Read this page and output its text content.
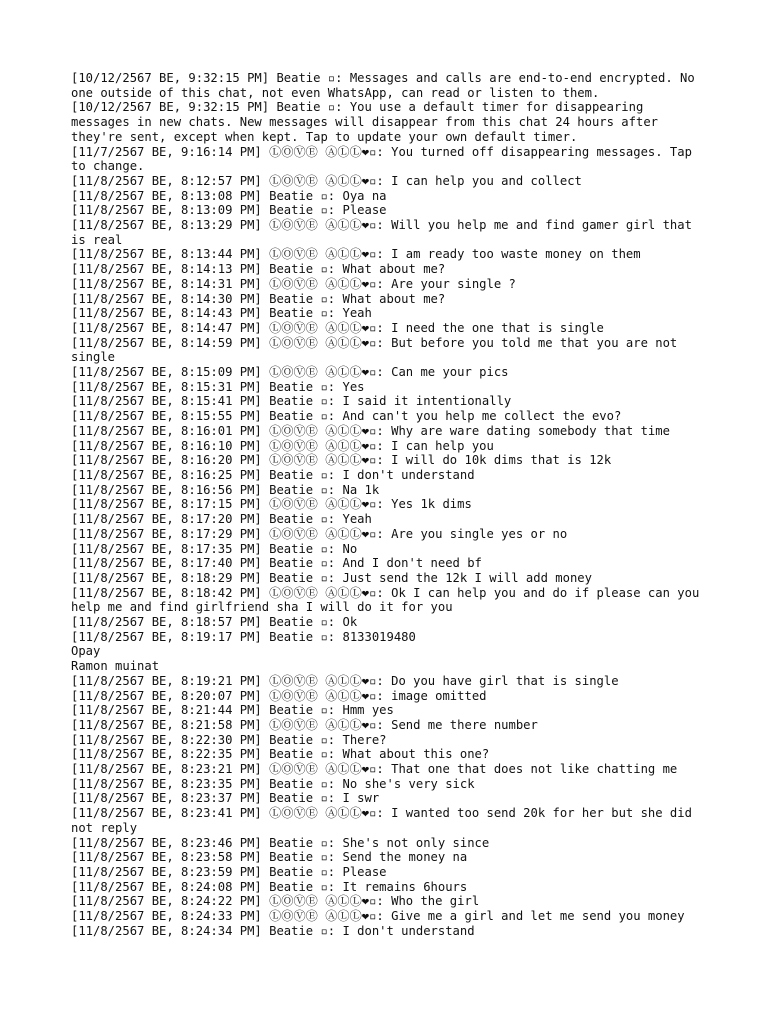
[10/12/2567 BE, 9:32:15 PM] Beatie ▫: Messages and calls are end-to-end encrypted. No one outside of this chat, not even WhatsApp, can read or listen to them.
[10/12/2567 BE, 9:32:15 PM] Beatie ▫: You use a default timer for disappearing messages in new chats. New messages will disappear from this chat 24 hours after they're sent, except when kept. Tap to update your own default timer.
[11/7/2567 BE, 9:16:14 PM] ⓁⓄⓋⒺ ⒶⓁⓁ❤▫: You turned off disappearing messages. Tap to change.
[11/8/2567 BE, 8:12:57 PM] ⓁⓄⓋⒺ ⒶⓁⓁ❤▫: I can help you and collect
[11/8/2567 BE, 8:13:08 PM] Beatie ▫: Oya na
[11/8/2567 BE, 8:13:09 PM] Beatie ▫: Please
[11/8/2567 BE, 8:13:29 PM] ⓁⓄⓋⒺ ⒶⓁⓁ❤▫: Will you help me and find gamer girl that is real
[11/8/2567 BE, 8:13:44 PM] ⓁⓄⓋⒺ ⒶⓁⓁ❤▫: I am ready too waste money on them
[11/8/2567 BE, 8:14:13 PM] Beatie ▫: What about me?
[11/8/2567 BE, 8:14:31 PM] ⓁⓄⓋⒺ ⒶⓁⓁ❤▫: Are your single ?
[11/8/2567 BE, 8:14:30 PM] Beatie ▫: What about me?
[11/8/2567 BE, 8:14:43 PM] Beatie ▫: Yeah
[11/8/2567 BE, 8:14:47 PM] ⓁⓄⓋⒺ ⒶⓁⓁ❤▫: I need the one that is single
[11/8/2567 BE, 8:14:59 PM] ⓁⓄⓋⒺ ⒶⓁⓁ❤▫: But before you told me that you are not single
[11/8/2567 BE, 8:15:09 PM] ⓁⓄⓋⒺ ⒶⓁⓁ❤▫: Can me your pics
[11/8/2567 BE, 8:15:31 PM] Beatie ▫: Yes
[11/8/2567 BE, 8:15:41 PM] Beatie ▫: I said it intentionally
[11/8/2567 BE, 8:15:55 PM] Beatie ▫: And can't you help me collect the evo?
[11/8/2567 BE, 8:16:01 PM] ⓁⓄⓋⒺ ⒶⓁⓁ❤▫: Why are ware dating somebody that time
[11/8/2567 BE, 8:16:10 PM] ⓁⓄⓋⒺ ⒶⓁⓁ❤▫: I can help you
[11/8/2567 BE, 8:16:20 PM] ⓁⓄⓋⒺ ⒶⓁⓁ❤▫: I will do 10k dims that is 12k
[11/8/2567 BE, 8:16:25 PM] Beatie ▫: I don't understand
[11/8/2567 BE, 8:16:56 PM] Beatie ▫: Na 1k
[11/8/2567 BE, 8:17:15 PM] ⓁⓄⓋⒺ ⒶⓁⓁ❤▫: Yes 1k dims
[11/8/2567 BE, 8:17:20 PM] Beatie ▫: Yeah
[11/8/2567 BE, 8:17:29 PM] ⓁⓄⓋⒺ ⒶⓁⓁ❤▫: Are you single yes or no
[11/8/2567 BE, 8:17:35 PM] Beatie ▫: No
[11/8/2567 BE, 8:17:40 PM] Beatie ▫: And I don't need bf
[11/8/2567 BE, 8:18:29 PM] Beatie ▫: Just send the 12k I will add money
[11/8/2567 BE, 8:18:42 PM] ⓁⓄⓋⒺ ⒶⓁⓁ❤▫: Ok I can help you and do if please can you help me and find girlfriend sha I will do it for you
[11/8/2567 BE, 8:18:57 PM] Beatie ▫: Ok
[11/8/2567 BE, 8:19:17 PM] Beatie ▫: 8133019480
Opay
Ramon muinat
[11/8/2567 BE, 8:19:21 PM] ⓁⓄⓋⒺ ⒶⓁⓁ❤▫: Do you have girl that is single
[11/8/2567 BE, 8:20:07 PM] ⓁⓄⓋⒺ ⒶⓁⓁ❤▫: image omitted
[11/8/2567 BE, 8:21:44 PM] Beatie ▫: Hmm yes
[11/8/2567 BE, 8:21:58 PM] ⓁⓄⓋⒺ ⒶⓁⓁ❤▫: Send me there number
[11/8/2567 BE, 8:22:30 PM] Beatie ▫: There?
[11/8/2567 BE, 8:22:35 PM] Beatie ▫: What about this one?
[11/8/2567 BE, 8:23:21 PM] ⓁⓄⓋⒺ ⒶⓁⓁ❤▫: That one that does not like chatting me
[11/8/2567 BE, 8:23:35 PM] Beatie ▫: No she's very sick
[11/8/2567 BE, 8:23:37 PM] Beatie ▫: I swr
[11/8/2567 BE, 8:23:41 PM] ⓁⓄⓋⒺ ⒶⓁⓁ❤▫: I wanted too send 20k for her but she did not reply
[11/8/2567 BE, 8:23:46 PM] Beatie ▫: She's not only since
[11/8/2567 BE, 8:23:58 PM] Beatie ▫: Send the money na
[11/8/2567 BE, 8:23:59 PM] Beatie ▫: Please
[11/8/2567 BE, 8:24:08 PM] Beatie ▫: It remains 6hours
[11/8/2567 BE, 8:24:22 PM] ⓁⓄⓋⒺ ⒶⓁⓁ❤▫: Who the girl
[11/8/2567 BE, 8:24:33 PM] ⓁⓄⓋⒺ ⒶⓁⓁ❤▫: Give me a girl and let me send you money
[11/8/2567 BE, 8:24:34 PM] Beatie ▫: I don't understand
